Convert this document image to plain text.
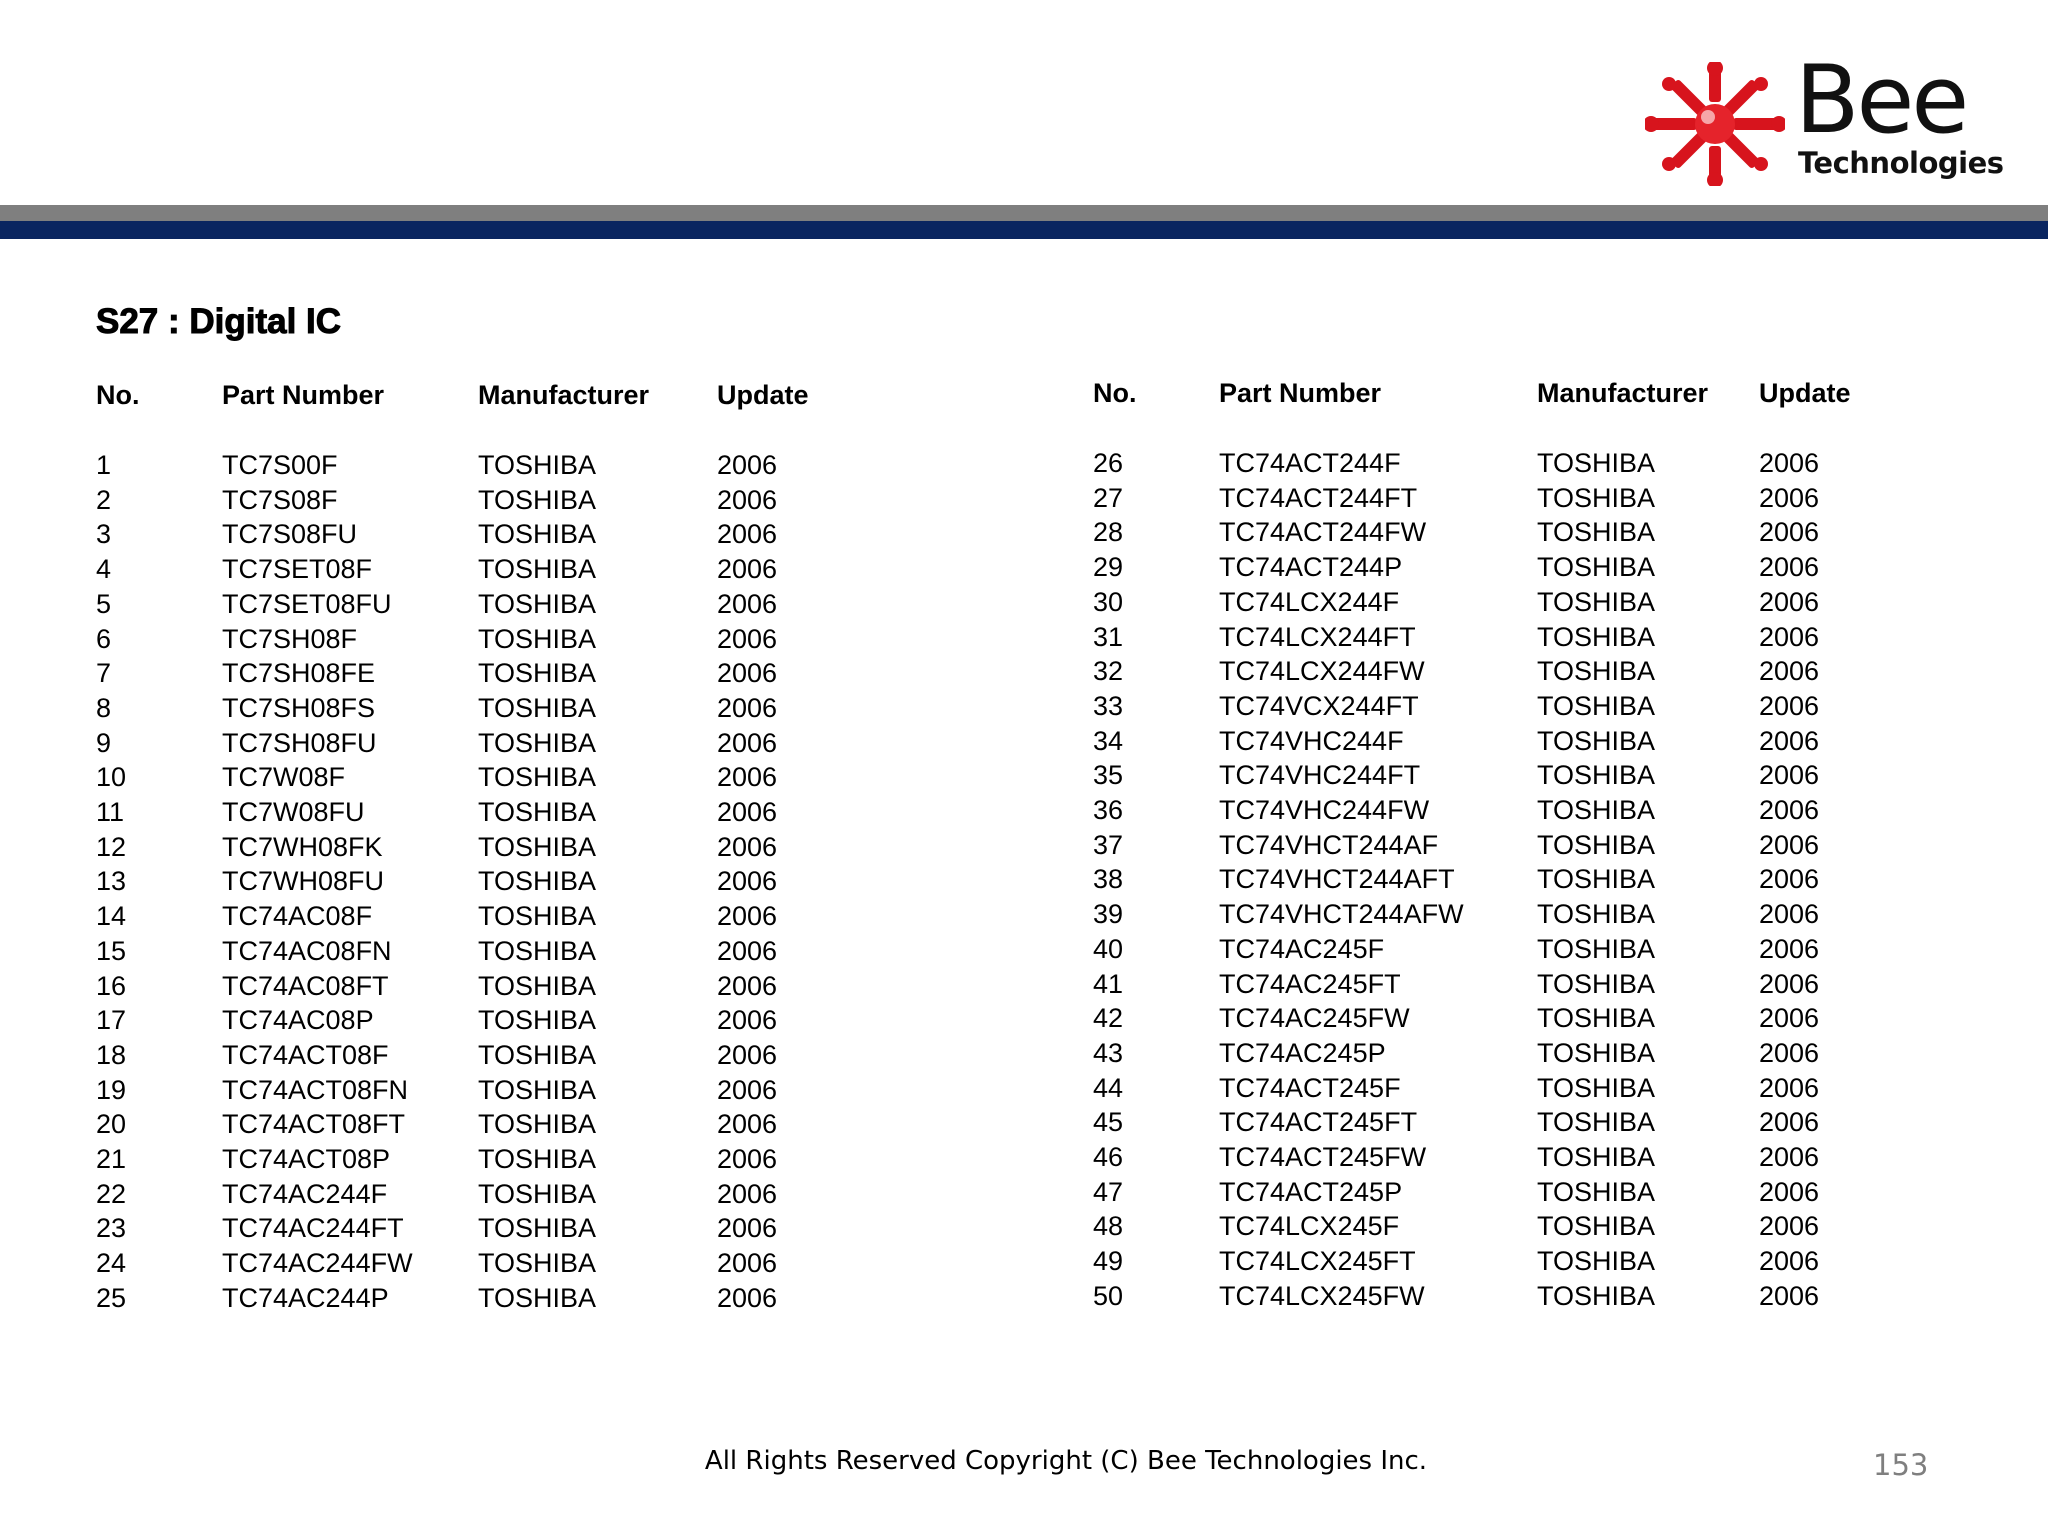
Bee
Technologies
S27 : Digital IC
No.	Part Number	Manufacturer	Update
1	TC7S00F	TOSHIBA	2006
2	TC7S08F	TOSHIBA	2006
3	TC7S08FU	TOSHIBA	2006
4	TC7SET08F	TOSHIBA	2006
5	TC7SET08FU	TOSHIBA	2006
6	TC7SH08F	TOSHIBA	2006
7	TC7SH08FE	TOSHIBA	2006
8	TC7SH08FS	TOSHIBA	2006
9	TC7SH08FU	TOSHIBA	2006
10	TC7W08F	TOSHIBA	2006
11	TC7W08FU	TOSHIBA	2006
12	TC7WH08FK	TOSHIBA	2006
13	TC7WH08FU	TOSHIBA	2006
14	TC74AC08F	TOSHIBA	2006
15	TC74AC08FN	TOSHIBA	2006
16	TC74AC08FT	TOSHIBA	2006
17	TC74AC08P	TOSHIBA	2006
18	TC74ACT08F	TOSHIBA	2006
19	TC74ACT08FN	TOSHIBA	2006
20	TC74ACT08FT	TOSHIBA	2006
21	TC74ACT08P	TOSHIBA	2006
22	TC74AC244F	TOSHIBA	2006
23	TC74AC244FT	TOSHIBA	2006
24	TC74AC244FW	TOSHIBA	2006
25	TC74AC244P	TOSHIBA	2006
No.	Part Number	Manufacturer	Update
26	TC74ACT244F	TOSHIBA	2006
27	TC74ACT244FT	TOSHIBA	2006
28	TC74ACT244FW	TOSHIBA	2006
29	TC74ACT244P	TOSHIBA	2006
30	TC74LCX244F	TOSHIBA	2006
31	TC74LCX244FT	TOSHIBA	2006
32	TC74LCX244FW	TOSHIBA	2006
33	TC74VCX244FT	TOSHIBA	2006
34	TC74VHC244F	TOSHIBA	2006
35	TC74VHC244FT	TOSHIBA	2006
36	TC74VHC244FW	TOSHIBA	2006
37	TC74VHCT244AF	TOSHIBA	2006
38	TC74VHCT244AFT	TOSHIBA	2006
39	TC74VHCT244AFW	TOSHIBA	2006
40	TC74AC245F	TOSHIBA	2006
41	TC74AC245FT	TOSHIBA	2006
42	TC74AC245FW	TOSHIBA	2006
43	TC74AC245P	TOSHIBA	2006
44	TC74ACT245F	TOSHIBA	2006
45	TC74ACT245FT	TOSHIBA	2006
46	TC74ACT245FW	TOSHIBA	2006
47	TC74ACT245P	TOSHIBA	2006
48	TC74LCX245F	TOSHIBA	2006
49	TC74LCX245FT	TOSHIBA	2006
50	TC74LCX245FW	TOSHIBA	2006
All Rights Reserved Copyright (C) Bee Technologies Inc.	153
